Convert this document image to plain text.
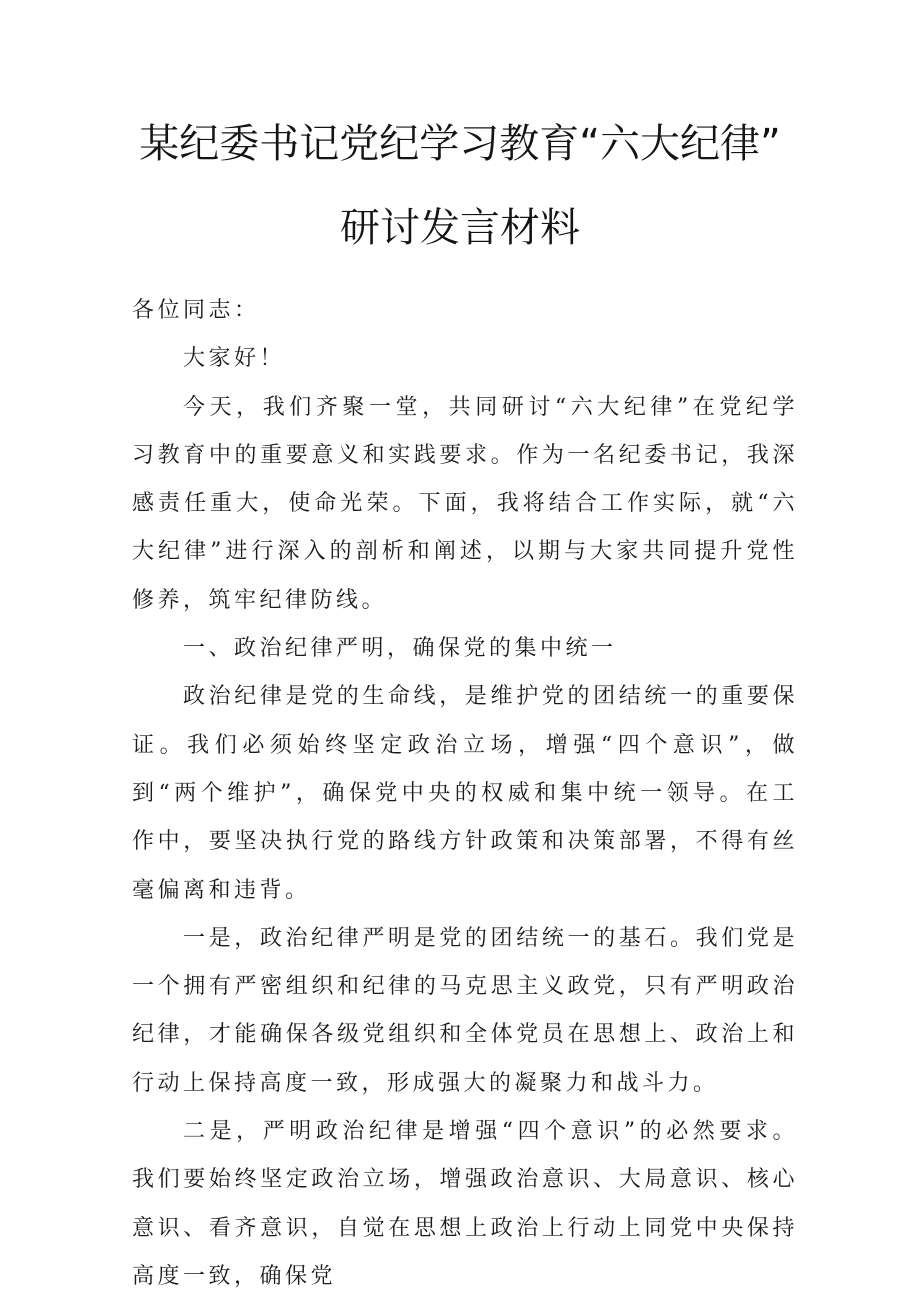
某纪委书记党纪学习教育“六大纪律”
研讨发言材料

各位同志：

大家好！

今天，我们齐聚一堂，共同研讨“六大纪律”在党纪学习教育中的重要意义和实践要求。作为一名纪委书记，我深感责任重大，使命光荣。下面，我将结合工作实际，就“六大纪律”进行深入的剖析和阐述，以期与大家共同提升党性修养，筑牢纪律防线。

一、政治纪律严明，确保党的集中统一

政治纪律是党的生命线，是维护党的团结统一的重要保证。我们必须始终坚定政治立场，增强“四个意识”，做到“两个维护”，确保党中央的权威和集中统一领导。在工作中，要坚决执行党的路线方针政策和决策部署，不得有丝毫偏离和违背。

一是，政治纪律严明是党的团结统一的基石。我们党是一个拥有严密组织和纪律的马克思主义政党，只有严明政治纪律，才能确保各级党组织和全体党员在思想上、政治上和行动上保持高度一致，形成强大的凝聚力和战斗力。

二是，严明政治纪律是增强“四个意识”的必然要求。我们要始终坚定政治立场，增强政治意识、大局意识、核心意识、看齐意识，自觉在思想上政治上行动上同党中央保持高度一致，确保党
